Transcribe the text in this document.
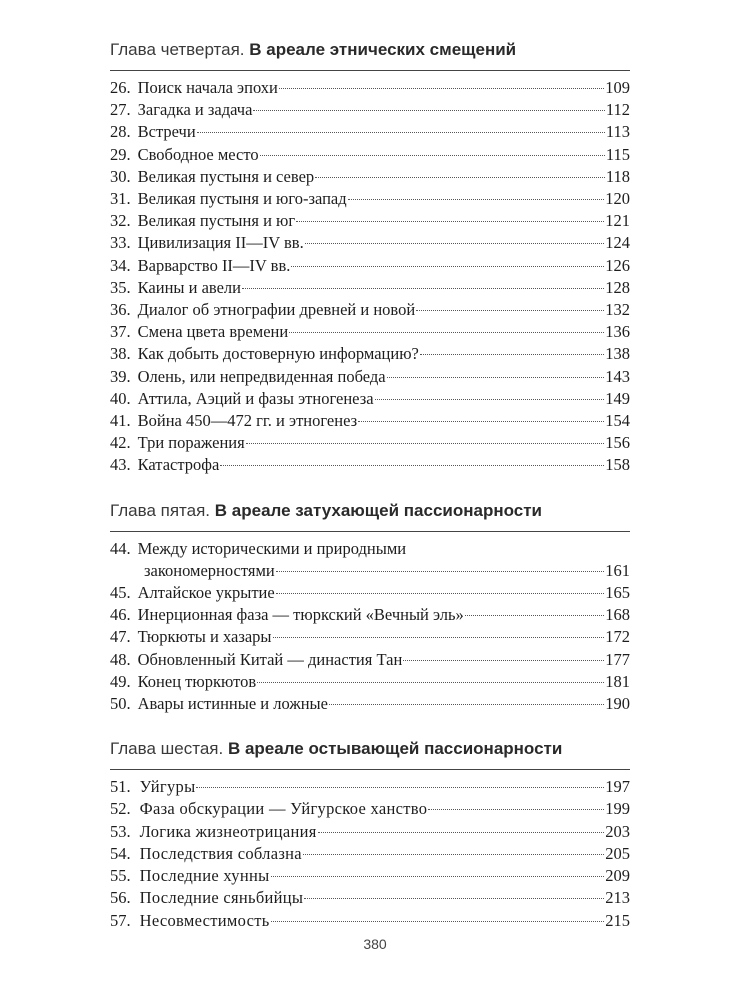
Глава четвертая. В ареале этнических смещений
26. Поиск начала эпохи	109
27. Загадка и задача	112
28. Встречи	113
29. Свободное место	115
30. Великая пустыня и север	118
31. Великая пустыня и юго-запад	120
32. Великая пустыня и юг	121
33. Цивилизация II—IV вв.	124
34. Варварство II—IV вв.	126
35. Каины и авели	128
36. Диалог об этнографии древней и новой	132
37. Смена цвета времени	136
38. Как добыть достоверную информацию?	138
39. Олень, или непредвиденная победа	143
40. Аттила, Аэций и фазы этногенеза	149
41. Война 450—472 гг. и этногенез	154
42. Три поражения	156
43. Катастрофа	158
Глава пятая. В ареале затухающей пассионарности
44. Между историческими и природными
закономерностями	161
45. Алтайское укрытие	165
46. Инерционная фаза — тюркский «Вечный эль»	168
47. Тюркюты и хазары	172
48. Обновленный Китай — династия Тан	177
49. Конец тюркютов	181
50. Авары истинные и ложные	190
Глава шестая. В ареале остывающей пассионарности
51. Уйгуры	197
52. Фаза обскурации — Уйгурское ханство	199
53. Логика жизнеотрицания	203
54. Последствия соблазна	205
55. Последние хунны	209
56. Последние сяньбийцы	213
57. Несовместимость	215
380
